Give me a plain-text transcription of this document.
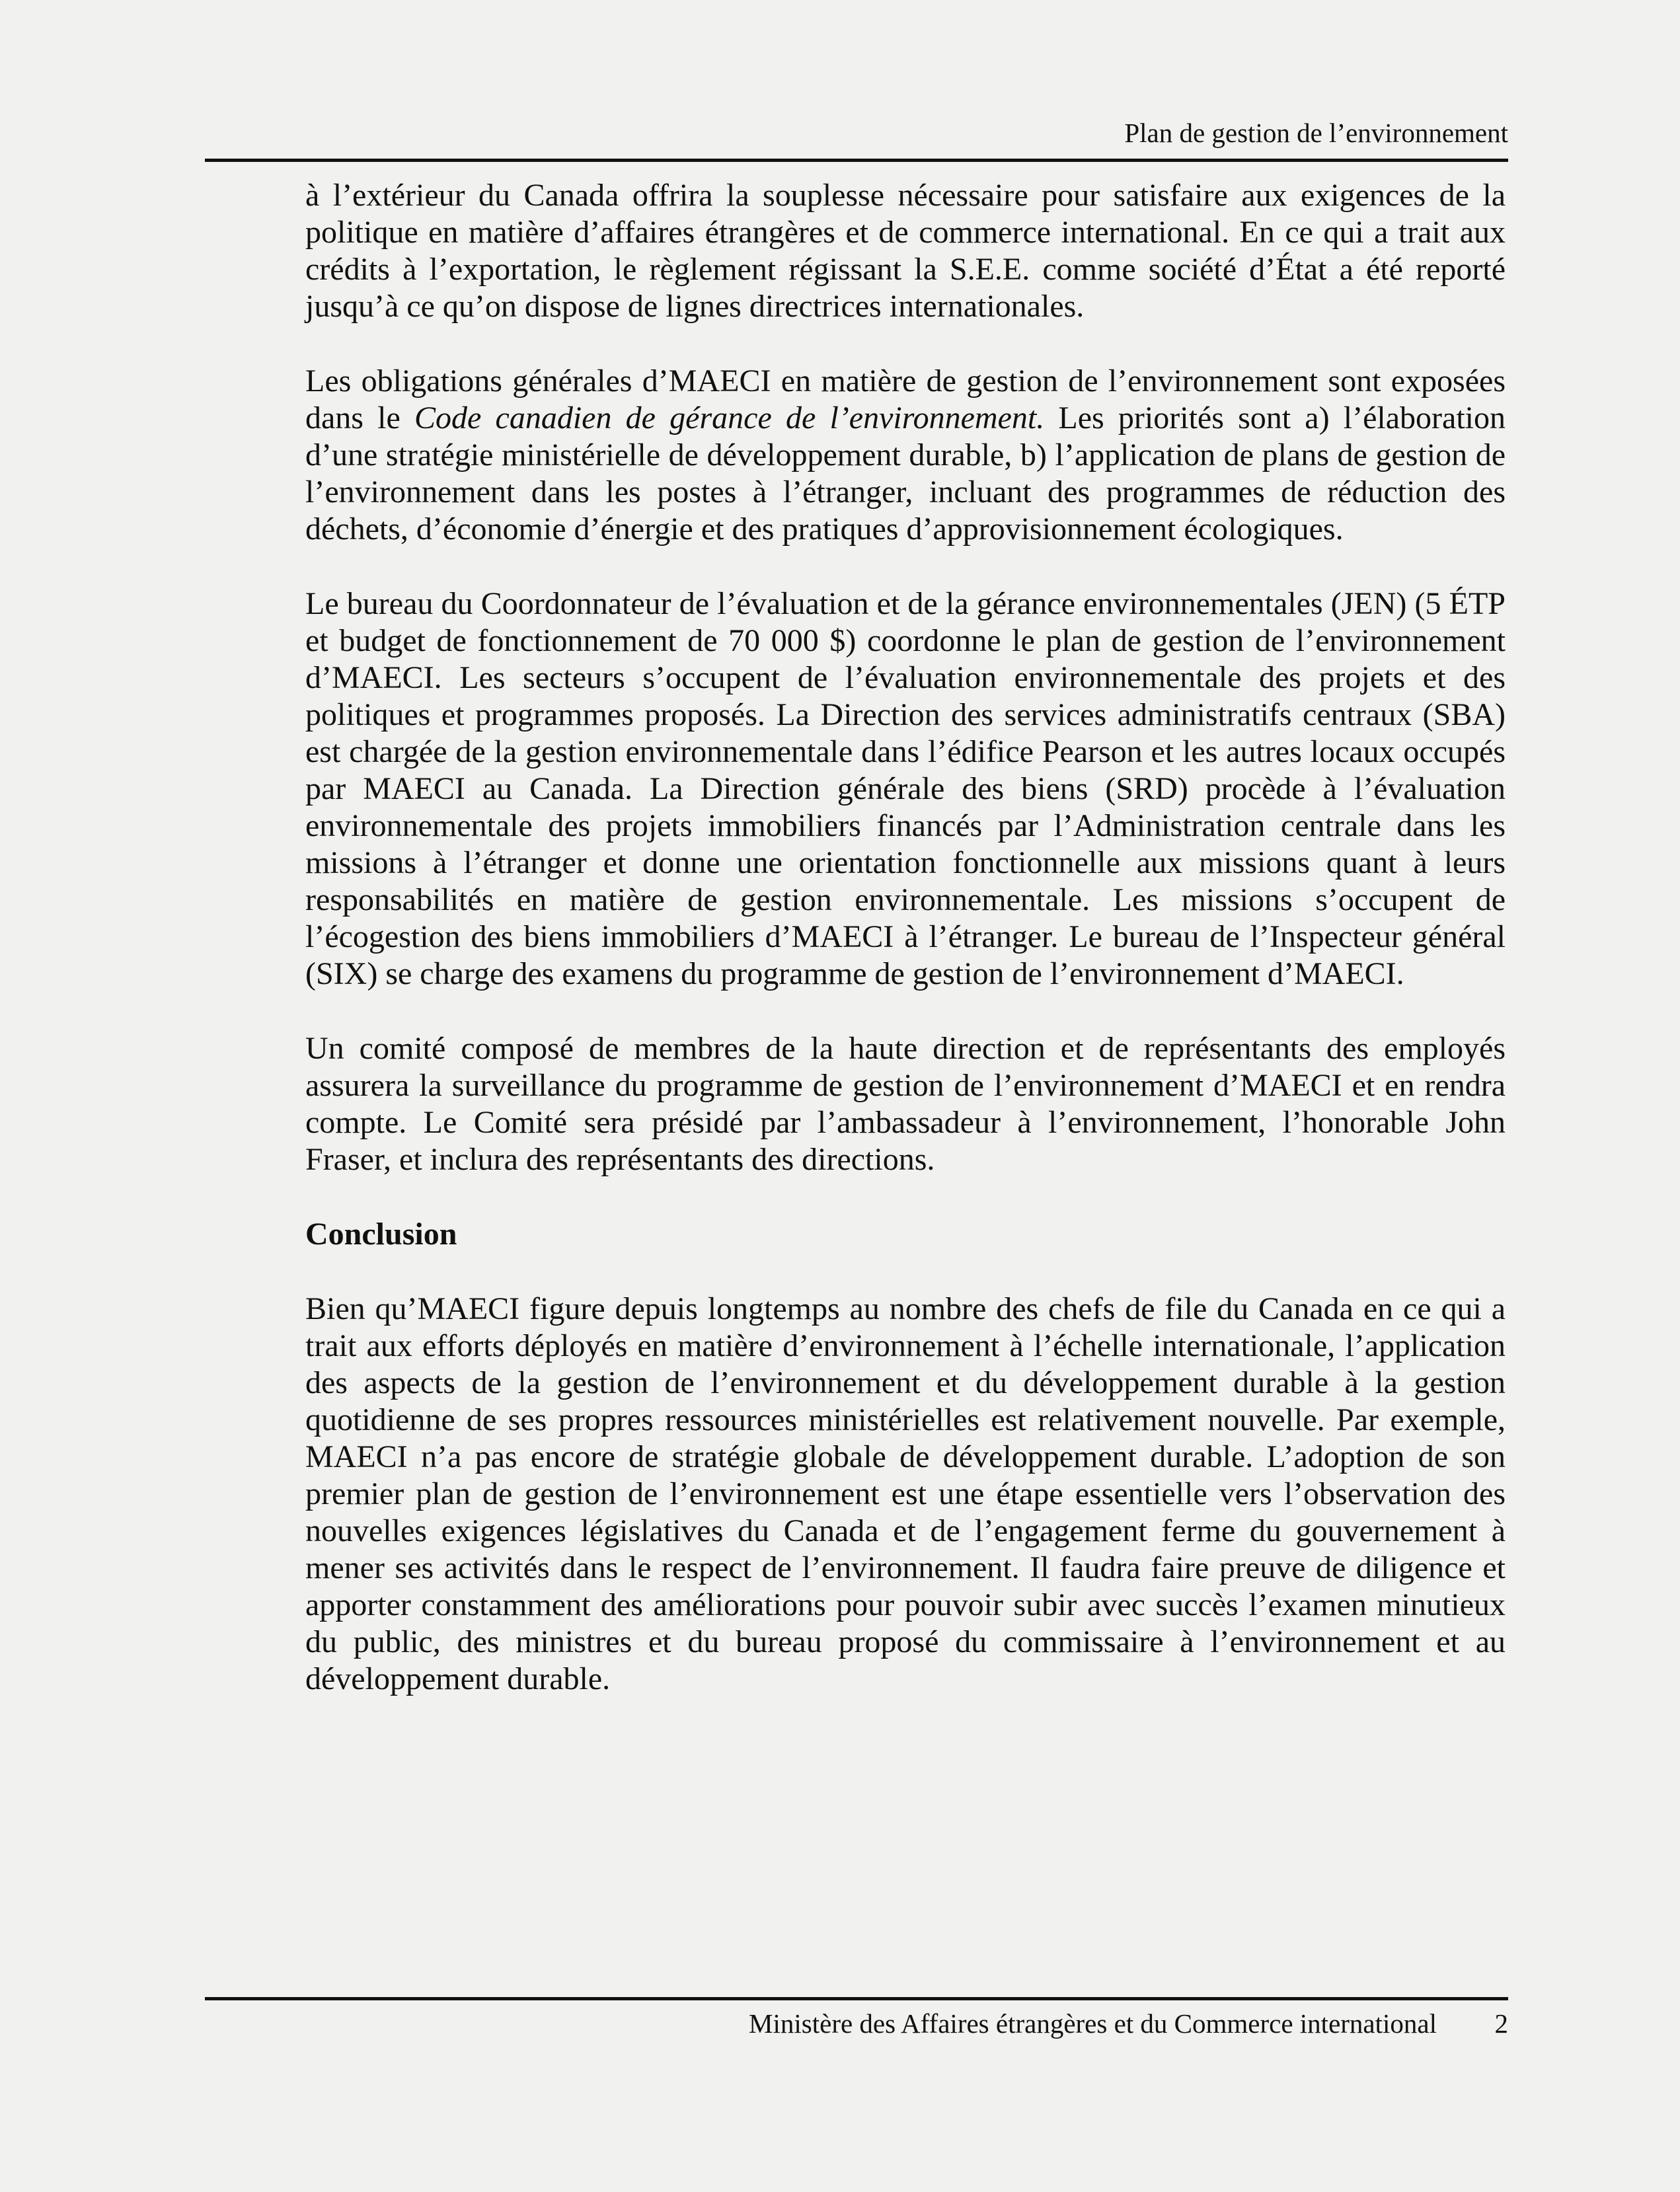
Plan de gestion de l’environnement

à l’extérieur du Canada offrira la souplesse nécessaire pour satisfaire aux exigences de la politique en matière d’affaires étrangères et de commerce international. En ce qui a trait aux crédits à l’exportation, le règlement régissant la S.E.E. comme société d’État a été reporté jusqu’à ce qu’on dispose de lignes directrices internationales.

Les obligations générales d’MAECI en matière de gestion de l’environnement sont exposées dans le Code canadien de gérance de l’environnement. Les priorités sont a) l’élaboration d’une stratégie ministérielle de développement durable, b) l’application de plans de gestion de l’environnement dans les postes à l’étranger, incluant des programmes de réduction des déchets, d’économie d’énergie et des pratiques d’approvisionnement écologiques.

Le bureau du Coordonnateur de l’évaluation et de la gérance environnementales (JEN) (5 ÉTP et budget de fonctionnement de 70 000 $) coordonne le plan de gestion de l’environnement d’MAECI. Les secteurs s’occupent de l’évaluation environnementale des projets et des politiques et programmes proposés. La Direction des services administratifs centraux (SBA) est chargée de la gestion environnementale dans l’édifice Pearson et les autres locaux occupés par MAECI au Canada. La Direction générale des biens (SRD) procède à l’évaluation environnementale des projets immobiliers financés par l’Administration centrale dans les missions à l’étranger et donne une orientation fonctionnelle aux missions quant à leurs responsabilités en matière de gestion environnementale. Les missions s’occupent de l’écogestion des biens immobiliers d’MAECI à l’étranger. Le bureau de l’Inspecteur général (SIX) se charge des examens du programme de gestion de l’environnement d’MAECI.

Un comité composé de membres de la haute direction et de représentants des employés assurera la surveillance du programme de gestion de l’environnement d’MAECI et en rendra compte. Le Comité sera présidé par l’ambassadeur à l’environnement, l’honorable John Fraser, et inclura des représentants des directions.

Conclusion

Bien qu’MAECI figure depuis longtemps au nombre des chefs de file du Canada en ce qui a trait aux efforts déployés en matière d’environnement à l’échelle internationale, l’application des aspects de la gestion de l’environnement et du développement durable à la gestion quotidienne de ses propres ressources ministérielles est relativement nouvelle. Par exemple, MAECI n’a pas encore de stratégie globale de développement durable. L’adoption de son premier plan de gestion de l’environnement est une étape essentielle vers l’observation des nouvelles exigences législatives du Canada et de l’engagement ferme du gouvernement à mener ses activités dans le respect de l’environnement. Il faudra faire preuve de diligence et apporter constamment des améliorations pour pouvoir subir avec succès l’examen minutieux du public, des ministres et du bureau proposé du commissaire à l’environnement et au développement durable.

Ministère des Affaires étrangères et du Commerce international 2
